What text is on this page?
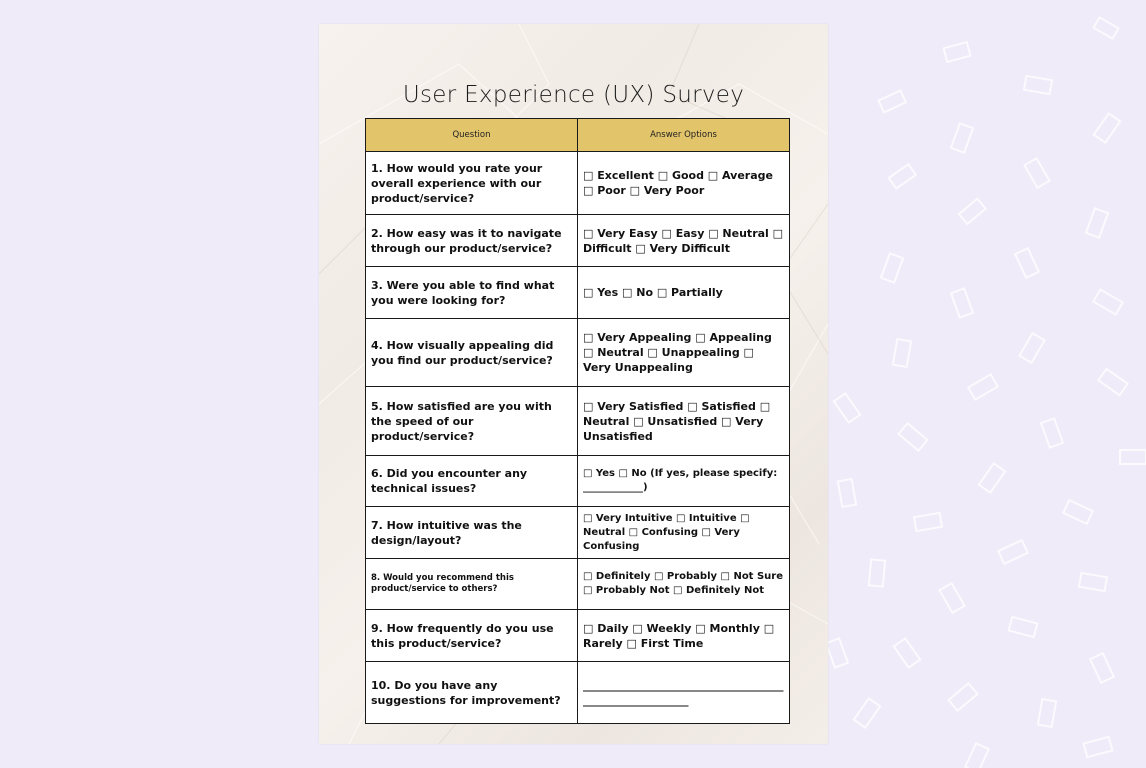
User Experience (UX) Survey
Question	Answer Options
1. How would you rate your overall experience with our product/service?	□ Excellent □ Good □ Average □ Poor □ Very Poor
2. How easy was it to navigate through our product/service?	□ Very Easy □ Easy □ Neutral □ Difficult □ Very Difficult
3. Were you able to find what you were looking for?	□ Yes □ No □ Partially
4. How visually appealing did you find our product/service?	□ Very Appealing □ Appealing □ Neutral □ Unappealing □ Very Unappealing
5. How satisfied are you with the speed of our product/service?	□ Very Satisfied □ Satisfied □ Neutral □ Unsatisfied □ Very Unsatisfied
6. Did you encounter any technical issues?	□ Yes □ No (If yes, please specify: ____________)
7. How intuitive was the design/layout?	□ Very Intuitive □ Intuitive □ Neutral □ Confusing □ Very Confusing
8. Would you recommend this product/service to others?	□ Definitely □ Probably □ Not Sure □ Probably Not □ Definitely Not
9. How frequently do you use this product/service?	□ Daily □ Weekly □ Monthly □ Rarely □ First Time
10. Do you have any suggestions for improvement?	_____________________________________________________________
